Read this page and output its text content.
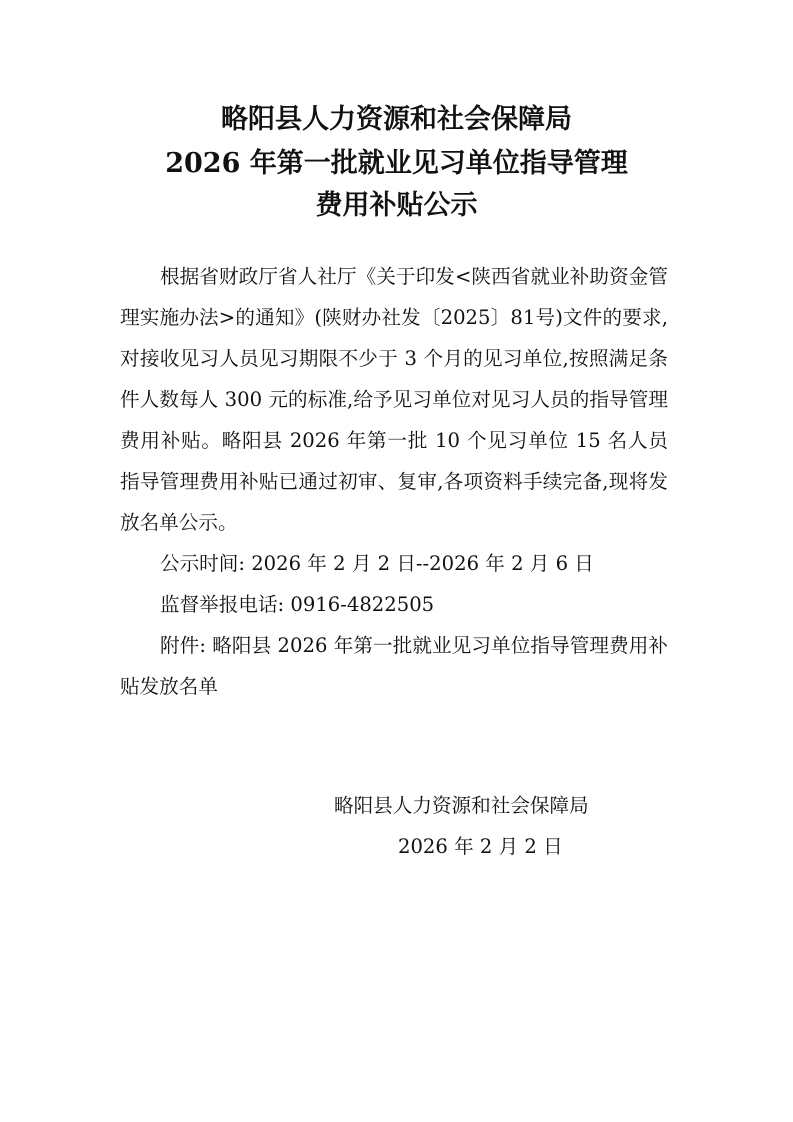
略阳县人力资源和社会保障局
2026 年第一批就业见习单位指导管理
费用补贴公示

根据省财政厅省人社厅《关于印发<陕西省就业补助资金管理实施办法>的通知》(陕财办社发〔2025〕81号)文件的要求,对接收见习人员见习期限不少于 3 个月的见习单位,按照满足条件人数每人 300 元的标准,给予见习单位对见习人员的指导管理费用补贴。略阳县 2026 年第一批 10 个见习单位 15 名人员指导管理费用补贴已通过初审、复审,各项资料手续完备,现将发放名单公示。

公示时间: 2026 年 2 月 2 日--2026 年 2 月 6 日

监督举报电话: 0916-4822505

附件: 略阳县 2026 年第一批就业见习单位指导管理费用补贴发放名单

略阳县人力资源和社会保障局

2026 年 2 月 2 日
